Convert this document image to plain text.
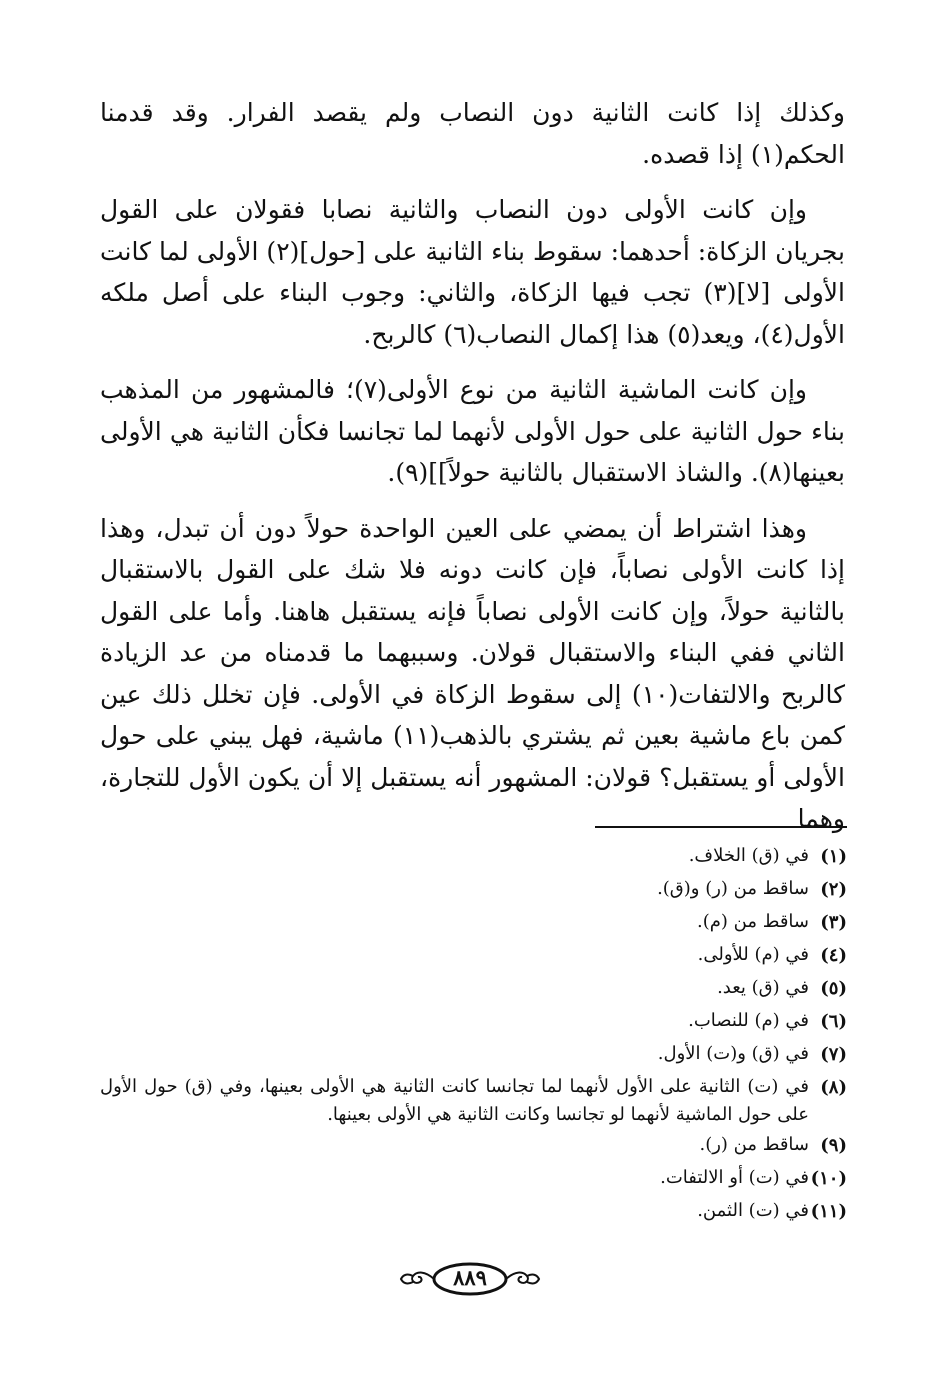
وكذلك إذا كانت الثانية دون النصاب ولم يقصد الفرار. وقد قدمنا الحكم(١) إذا قصده.

وإن كانت الأولى دون النصاب والثانية نصابا فقولان على القول بجريان الزكاة: أحدهما: سقوط بناء الثانية على [حول](٢) الأولى لما كانت الأولى [لا](٣) تجب فيها الزكاة، والثاني: وجوب البناء على أصل ملكه الأول(٤)، ويعد(٥) هذا إكمال النصاب(٦) كالربح.

وإن كانت الماشية الثانية من نوع الأولى(٧)؛ فالمشهور من المذهب بناء حول الثانية على حول الأولى لأنهما لما تجانسا فكأن الثانية هي الأولى بعينها(٨). والشاذ الاستقبال بالثانية حولاً]](٩).

وهذا اشتراط أن يمضي على العين الواحدة حولاً دون أن تبدل، وهذا إذا كانت الأولى نصاباً، فإن كانت دونه فلا شك على القول بالاستقبال بالثانية حولاً، وإن كانت الأولى نصاباً فإنه يستقبل هاهنا. وأما على القول الثاني ففي البناء والاستقبال قولان. وسببهما ما قدمناه من عد الزيادة كالربح والالتفات(١٠) إلى سقوط الزكاة في الأولى. فإن تخلل ذلك عين كمن باع ماشية بعين ثم يشتري بالذهب(١١) ماشية، فهل يبني على حول الأولى أو يستقبل؟ قولان: المشهور أنه يستقبل إلا أن يكون الأول للتجارة، وهما

(١)
في (ق) الخلاف.
(٢)
ساقط من (ر) و(ق).
(٣)
ساقط من (م).
(٤)
في (م) للأولى.
(٥)
في (ق) يعد.
(٦)
في (م) للنصاب.
(٧)
في (ق) و(ت) الأول.
(٨)
في (ت) الثانية على الأول لأنهما لما تجانسا كانت الثانية هي الأولى بعينها، وفي (ق) حول الأول على حول الماشية لأنهما لو تجانسا وكانت الثانية هي الأولى بعينها.
(٩)
ساقط من (ر).
(١٠)
في (ت) أو الالتفات.
(١١)
في (ت) الثمن.
٨٨٩
